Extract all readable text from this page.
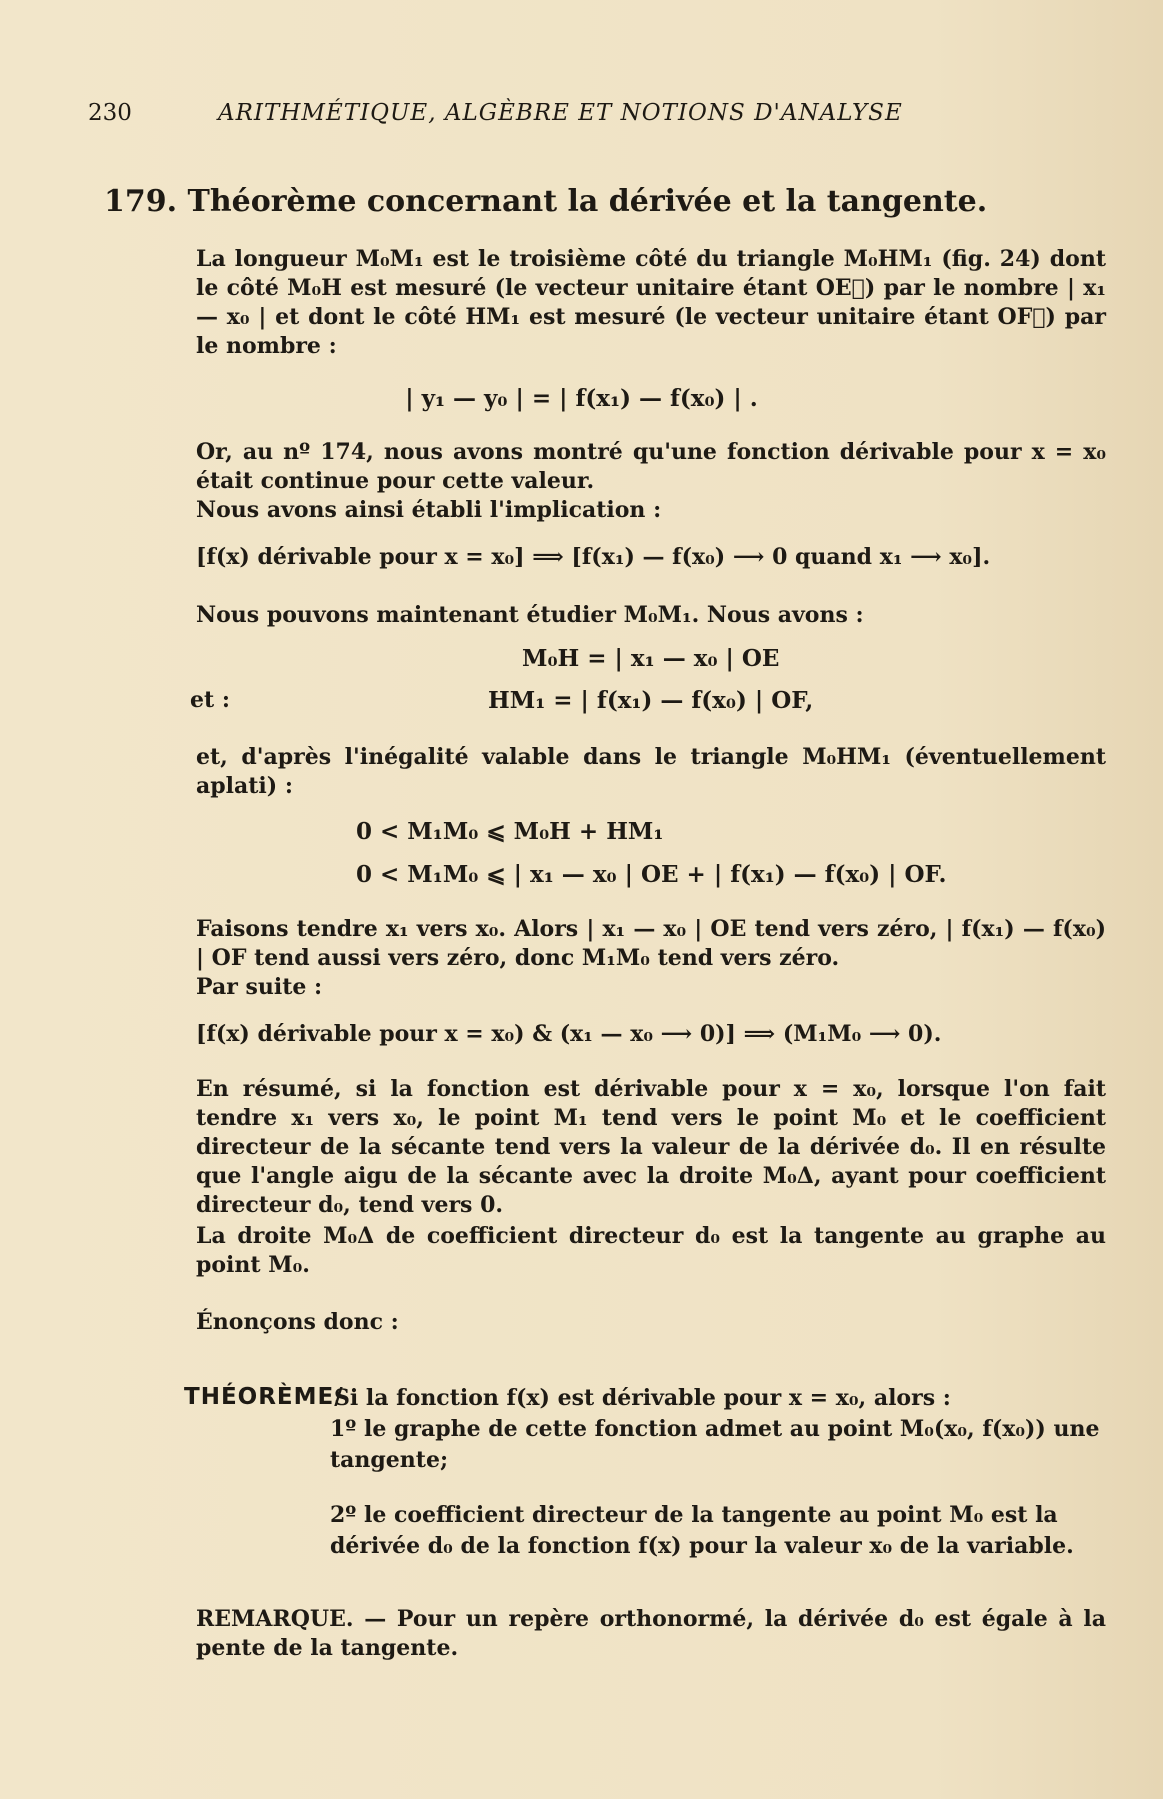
230	ARITHMÉTIQUE, ALGÈBRE ET NOTIONS D'ANALYSE
179. Théorème concernant la dérivée et la tangente.
La longueur M₀M₁ est le troisième côté du triangle M₀HM₁ (fig. 24) dont le côté M₀H est mesuré (le vecteur unitaire étant OE⃗) par le nombre | x₁ — x₀ | et dont le côté HM₁ est mesuré (le vecteur unitaire étant OF⃗) par le nombre :
| y₁ — y₀ | = | f(x₁) — f(x₀) | .
Or, au nº 174, nous avons montré qu'une fonction dérivable pour x = x₀ était continue pour cette valeur.
Nous avons ainsi établi l'implication :
[f(x) dérivable pour x = x₀] ⟹ [f(x₁) — f(x₀) ⟶ 0 quand x₁ ⟶ x₀].
Nous pouvons maintenant étudier M₀M₁. Nous avons :
M₀H = | x₁ — x₀ | OE
et :	HM₁ = | f(x₁) — f(x₀) | OF,
et, d'après l'inégalité valable dans le triangle M₀HM₁ (éventuellement aplati) :
0 < M₁M₀ ⩽ M₀H + HM₁
0 < M₁M₀ ⩽ | x₁ — x₀ | OE + | f(x₁) — f(x₀) | OF.
Faisons tendre x₁ vers x₀. Alors | x₁ — x₀ | OE tend vers zéro, | f(x₁) — f(x₀) | OF tend aussi vers zéro, donc M₁M₀ tend vers zéro.
Par suite :
[f(x) dérivable pour x = x₀) & (x₁ — x₀ ⟶ 0)] ⟹ (M₁M₀ ⟶ 0).
En résumé, si la fonction est dérivable pour x = x₀, lorsque l'on fait tendre x₁ vers x₀, le point M₁ tend vers le point M₀ et le coefficient directeur de la sécante tend vers la valeur de la dérivée d₀. Il en résulte que l'angle aigu de la sécante avec la droite M₀Δ, ayant pour coefficient directeur d₀, tend vers 0.
La droite M₀Δ de coefficient directeur d₀ est la tangente au graphe au point M₀.
Énonçons donc :
THÉORÈME/
Si la fonction f(x) est dérivable pour x = x₀, alors :
1º le graphe de cette fonction admet au point M₀(x₀, f(x₀)) une tangente;
2º le coefficient directeur de la tangente au point M₀ est la dérivée d₀ de la fonction f(x) pour la valeur x₀ de la variable.
REMARQUE. — Pour un repère orthonormé, la dérivée d₀ est égale à la pente de la tangente.
